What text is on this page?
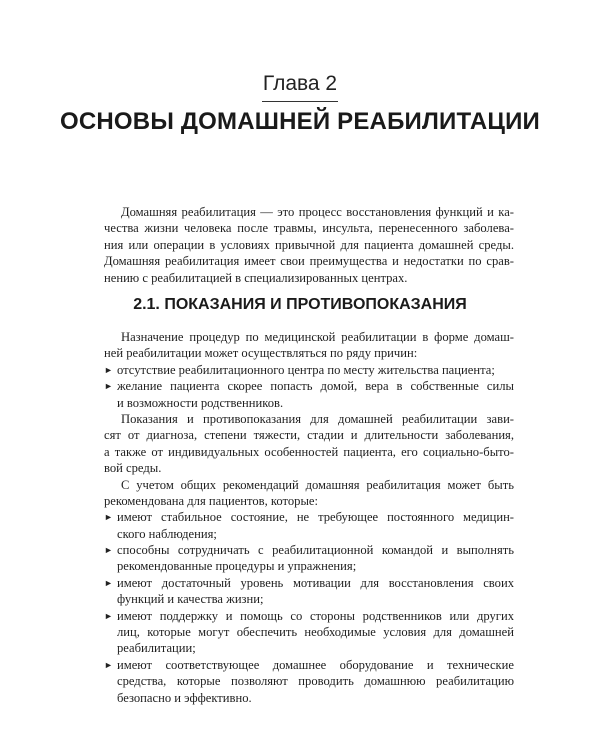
Глава 2
ОСНОВЫ ДОМАШНЕЙ РЕАБИЛИТАЦИИ
Домашняя реабилитация — это процесс восстановления функций и ка-
чества жизни человека после травмы, инсульта, перенесенного заболева-
ния или операции в условиях привычной для пациента домашней среды.
Домашняя реабилитация имеет свои преимущества и недостатки по срав-
нению с реабилитацией в специализированных центрах.
2.1. ПОКАЗАНИЯ И ПРОТИВОПОКАЗАНИЯ
Назначение процедур по медицинской реабилитации в форме домаш-
ней реабилитации может осуществляться по ряду причин:
► отсутствие реабилитационного центра по месту жительства пациента;
► желание пациента скорее попасть домой, вера в собственные силы
и возможности родственников.
Показания и противопоказания для домашней реабилитации зави-
сят от диагноза, степени тяжести, стадии и длительности заболевания,
а также от индивидуальных особенностей пациента, его социально-быто-
вой среды.
С учетом общих рекомендаций домашняя реабилитация может быть
рекомендована для пациентов, которые:
► имеют стабильное состояние, не требующее постоянного медицин-
ского наблюдения;
► способны сотрудничать с реабилитационной командой и выполнять
рекомендованные процедуры и упражнения;
► имеют достаточный уровень мотивации для восстановления своих
функций и качества жизни;
► имеют поддержку и помощь со стороны родственников или других
лиц, которые могут обеспечить необходимые условия для домашней
реабилитации;
► имеют соответствующее домашнее оборудование и технические
средства, которые позволяют проводить домашнюю реабилитацию
безопасно и эффективно.
